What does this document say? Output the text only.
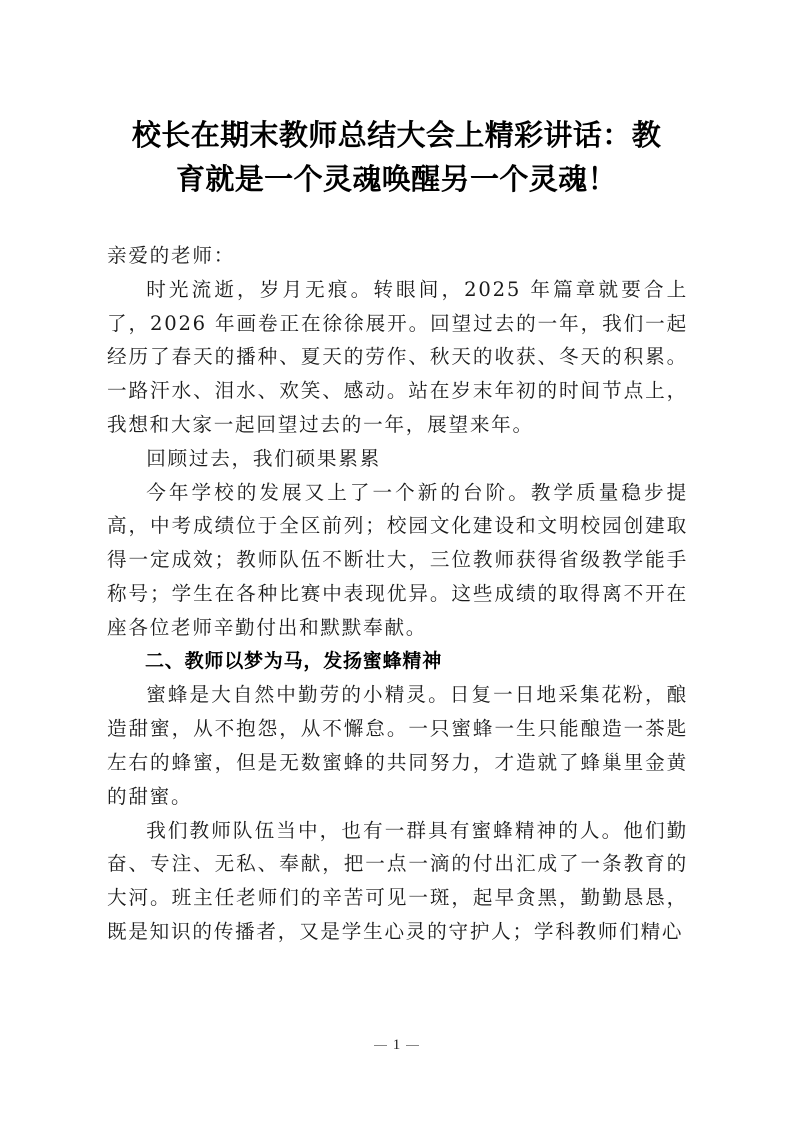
校长在期末教师总结大会上精彩讲话：教
育就是一个灵魂唤醒另一个灵魂！

亲爱的老师：

时光流逝，岁月无痕。转眼间，2025 年篇章就要合上了，2026 年画卷正在徐徐展开。回望过去的一年，我们一起经历了春天的播种、夏天的劳作、秋天的收获、冬天的积累。一路汗水、泪水、欢笑、感动。站在岁末年初的时间节点上，我想和大家一起回望过去的一年，展望来年。

回顾过去，我们硕果累累

今年学校的发展又上了一个新的台阶。教学质量稳步提高，中考成绩位于全区前列；校园文化建设和文明校园创建取得一定成效；教师队伍不断壮大，三位教师获得省级教学能手称号；学生在各种比赛中表现优异。这些成绩的取得离不开在座各位老师辛勤付出和默默奉献。

二、教师以梦为马，发扬蜜蜂精神

蜜蜂是大自然中勤劳的小精灵。日复一日地采集花粉，酿造甜蜜，从不抱怨，从不懈怠。一只蜜蜂一生只能酿造一茶匙左右的蜂蜜，但是无数蜜蜂的共同努力，才造就了蜂巢里金黄的甜蜜。

我们教师队伍当中，也有一群具有蜜蜂精神的人。他们勤奋、专注、无私、奉献，把一点一滴的付出汇成了一条教育的大河。班主任老师们的辛苦可见一斑，起早贪黑，勤勤恳恳，既是知识的传播者，又是学生心灵的守护人；学科教师们精心

1
